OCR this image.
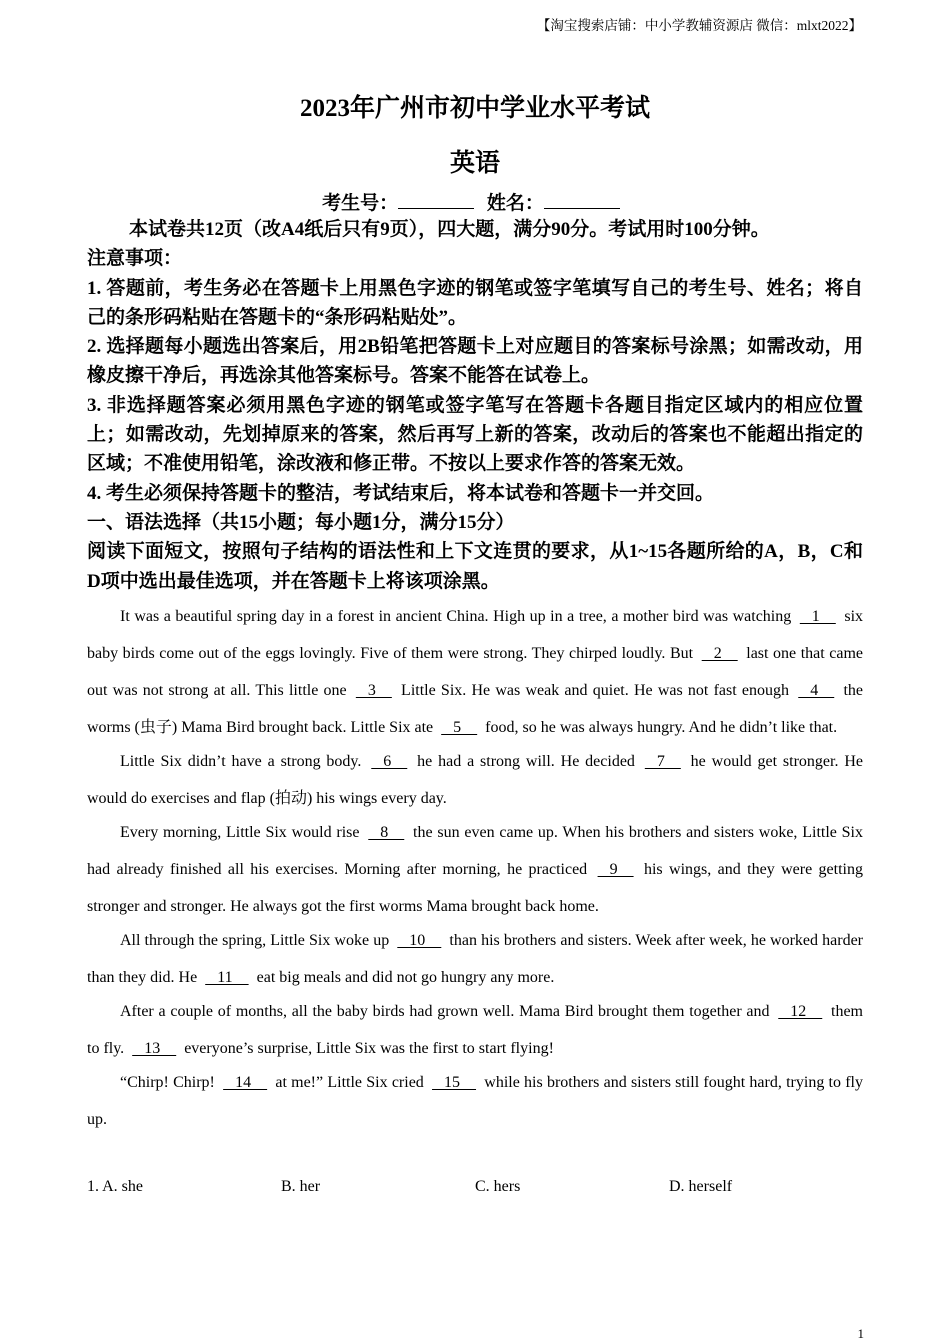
【淘宝搜索店铺：中小学教辅资源店 微信：mlxt2022】
2023年广州市初中学业水平考试
英语
考生号：	姓名：
本试卷共12页（改A4纸后只有9页），四大题，满分90分。考试用时100分钟。
注意事项：
1. 答题前，考生务必在答题卡上用黑色字迹的钢笔或签字笔填写自己的考生号、姓名；将自己的条形码粘贴在答题卡的“条形码粘贴处”。
2. 选择题每小题选出答案后，用2B铅笔把答题卡上对应题目的答案标号涂黑；如需改动，用橡皮擦干净后，再选涂其他答案标号。答案不能答在试卷上。
3. 非选择题答案必须用黑色字迹的钢笔或签字笔写在答题卡各题目指定区域内的相应位置上；如需改动，先划掉原来的答案，然后再写上新的答案，改动后的答案也不能超出指定的区域；不准使用铅笔，涂改液和修正带。不按以上要求作答的答案无效。
4. 考生必须保持答题卡的整洁，考试结束后，将本试卷和答题卡一并交回。
一、语法选择（共15小题；每小题1分，满分15分）
阅读下面短文，按照句子结构的语法性和上下文连贯的要求，从1~15各题所给的A，B，C和D项中选出最佳选项，并在答题卡上将该项涂黑。

It was a beautiful spring day in a forest in ancient China. High up in a tree, a mother bird was watching    1     six baby birds come out of the eggs lovingly. Five of them were strong. They chirped loudly. But    2     last one that came out was not strong at all. This little one    3     Little Six. He was weak and quiet. He was not fast enough    4     the worms (虫子) Mama Bird brought back. Little Six ate    5     food, so he was always hungry. And he didn’t like that.

Little Six didn’t have a strong body.    6     he had a strong will. He decided    7     he would get stronger. He would do exercises and flap (拍动) his wings every day.

Every morning, Little Six would rise    8     the sun even came up. When his brothers and sisters woke, Little Six had already finished all his exercises. Morning after morning, he practiced    9     his wings, and they were getting stronger and stronger. He always got the first worms Mama brought back home.

All through the spring, Little Six woke up    10     than his brothers and sisters. Week after week, he worked harder than they did. He    11     eat big meals and did not go hungry any more.

After a couple of months, all the baby birds had grown well. Mama Bird brought them together and    12     them to fly.    13     everyone’s surprise, Little Six was the first to start flying!

“Chirp! Chirp!    14     at me!” Little Six cried    15     while his brothers and sisters still fought hard, trying to fly up.

1. A. she	B. her	C. hers	D. herself
1
